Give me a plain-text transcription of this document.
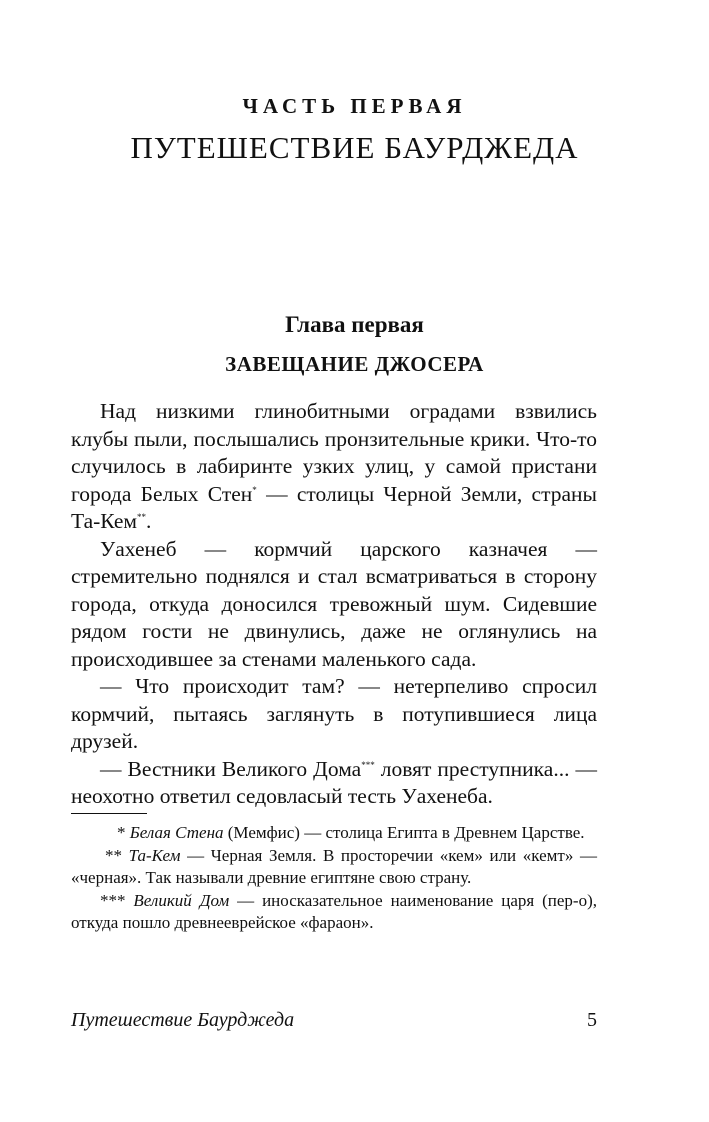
ЧАСТЬ ПЕРВАЯ
ПУТЕШЕСТВИЕ БАУРДЖЕДА
Глава первая
ЗАВЕЩАНИЕ ДЖОСЕРА

Над низкими глинобитными оградами взвились клубы пыли, послышались пронзительные крики. Что-то случилось в лабиринте узких улиц, у самой пристани города Белых Стен* — столицы Черной Земли, страны Та-Кем**.

Уахенеб — кормчий царского казначея — стремительно поднялся и стал всматриваться в сторону города, откуда доносился тревожный шум. Сидевшие рядом гости не двинулись, даже не оглянулись на происходившее за стенами маленького сада.

— Что происходит там? — нетерпеливо спросил кормчий, пытаясь заглянуть в потупившиеся лица друзей.

— Вестники Великого Дома*** ловят преступника... — неохотно ответил седовласый тесть Уахенеба.

* Белая Стена (Мемфис) — столица Египта в Древнем Царстве.

** Та-Кем — Черная Земля. В просторечии «кем» или «кемт» — «черная». Так называли древние египтяне свою страну.

*** Великий Дом — иносказательное наименование царя (пер-о), откуда пошло древнееврейское «фараон».

Путешествие Баурджеда	5
